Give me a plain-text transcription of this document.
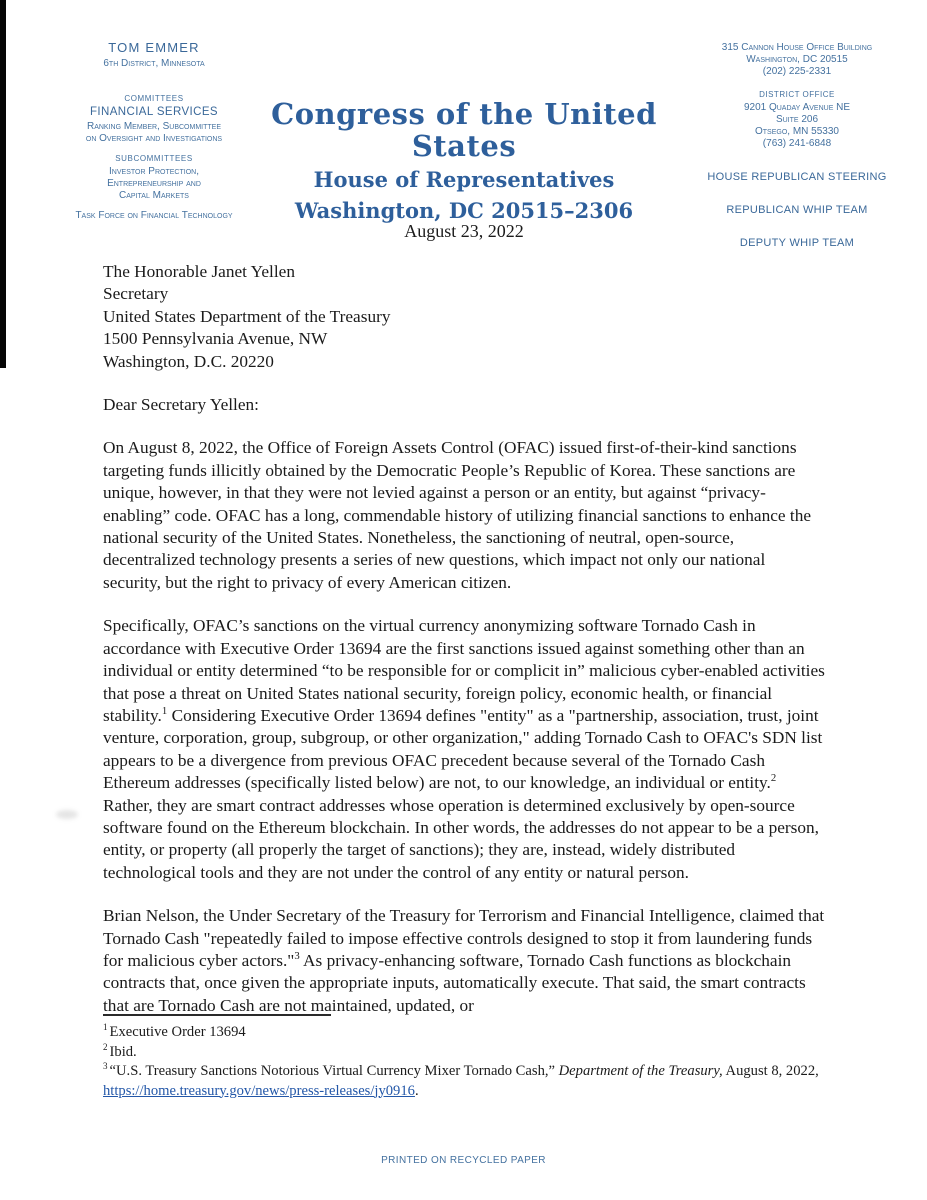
TOM EMMER
6th District, Minnesota
COMMITTEES
FINANCIAL SERVICES
Ranking Member, Subcommittee
on Oversight and Investigations
SUBCOMMITTEES
Investor Protection,
Entrepreneurship and
Capital Markets
Task Force on Financial Technology
Congress of the United States
House of Representatives
Washington, DC 20515–2306
315 Cannon House Office Building
Washington, DC 20515
(202) 225-2331
DISTRICT OFFICE
9201 Quaday Avenue NE
Suite 206
Otsego, MN 55330
(763) 241-6848
HOUSE REPUBLICAN STEERING
REPUBLICAN WHIP TEAM
DEPUTY WHIP TEAM
August 23, 2022
The Honorable Janet Yellen
Secretary
United States Department of the Treasury
1500 Pennsylvania Avenue, NW
Washington, D.C. 20220

Dear Secretary Yellen:

On August 8, 2022, the Office of Foreign Assets Control (OFAC) issued first-of-their-kind sanctions targeting funds illicitly obtained by the Democratic People’s Republic of Korea. These sanctions are unique, however, in that they were not levied against a person or an entity, but against “privacy-enabling” code. OFAC has a long, commendable history of utilizing financial sanctions to enhance the national security of the United States. Nonetheless, the sanctioning of neutral, open-source, decentralized technology presents a series of new questions, which impact not only our national security, but the right to privacy of every American citizen.

Specifically, OFAC’s sanctions on the virtual currency anonymizing software Tornado Cash in accordance with Executive Order 13694 are the first sanctions issued against something other than an individual or entity determined “to be responsible for or complicit in” malicious cyber-enabled activities that pose a threat on United States national security, foreign policy, economic health, or financial stability.$^1$ Considering Executive Order 13694 defines "entity" as a "partnership, association, trust, joint venture, corporation, group, subgroup, or other organization," adding Tornado Cash to OFAC's SDN list appears to be a divergence from previous OFAC precedent because several of the Tornado Cash Ethereum addresses (specifically listed below) are not, to our knowledge, an individual or entity.$^2$ Rather, they are smart contract addresses whose operation is determined exclusively by open-source software found on the Ethereum blockchain. In other words, the addresses do not appear to be a person, entity, or property (all properly the target of sanctions); they are, instead, widely distributed technological tools and they are not under the control of any entity or natural person.

Brian Nelson, the Under Secretary of the Treasury for Terrorism and Financial Intelligence, claimed that Tornado Cash "repeatedly failed to impose effective controls designed to stop it from laundering funds for malicious cyber actors."$^3$ As privacy-enhancing software, Tornado Cash functions as blockchain contracts that, once given the appropriate inputs, automatically execute. That said, the smart contracts that are Tornado Cash are not maintained, updated, or

$^1$ Executive Order 13694
$^2$ Ibid.
$^3$ “U.S. Treasury Sanctions Notorious Virtual Currency Mixer Tornado Cash,” Department of the Treasury, August 8, 2022, https://home.treasury.gov/news/press-releases/jy0916.
PRINTED ON RECYCLED PAPER
